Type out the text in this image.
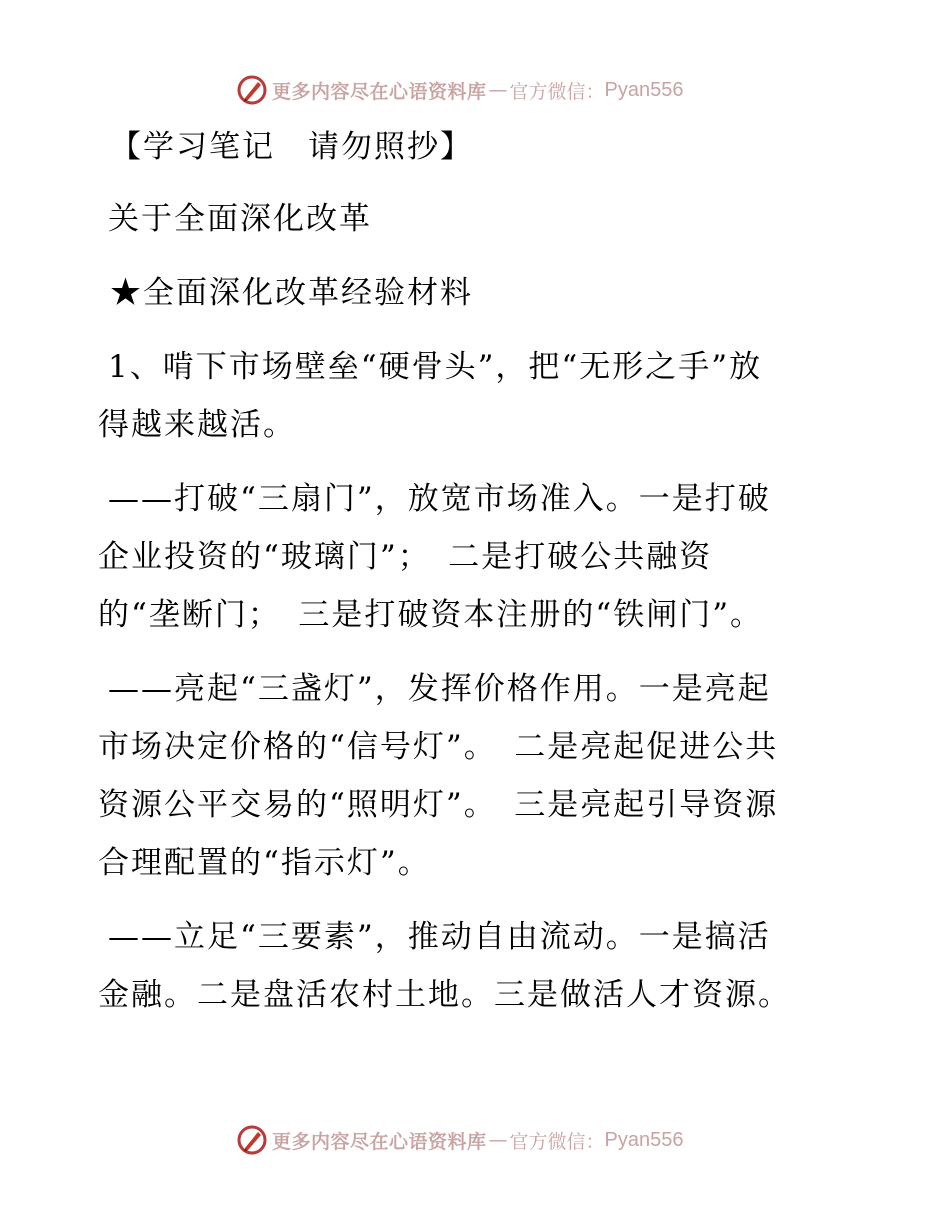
更多内容尽在心语资料库 — 官方微信： Pyan556

【学习笔记　请勿照抄】

关于全面深化改革

★全面深化改革经验材料

1、啃下市场壁垒“硬骨头”，把“无形之手”放

得越来越活。

——打破“三扇门”，放宽市场准入。一是打破

企业投资的“玻璃门”；　二是打破公共融资

的“垄断门；　三是打破资本注册的“铁闸门”。

——亮起“三盏灯”，发挥价格作用。一是亮起

市场决定价格的“信号灯”。　二是亮起促进公共

资源公平交易的“照明灯”。　三是亮起引导资源

合理配置的“指示灯”。

——立足“三要素”，推动自由流动。一是搞活

金融。二是盘活农村土地。三是做活人才资源。

更多内容尽在心语资料库 — 官方微信： Pyan556
